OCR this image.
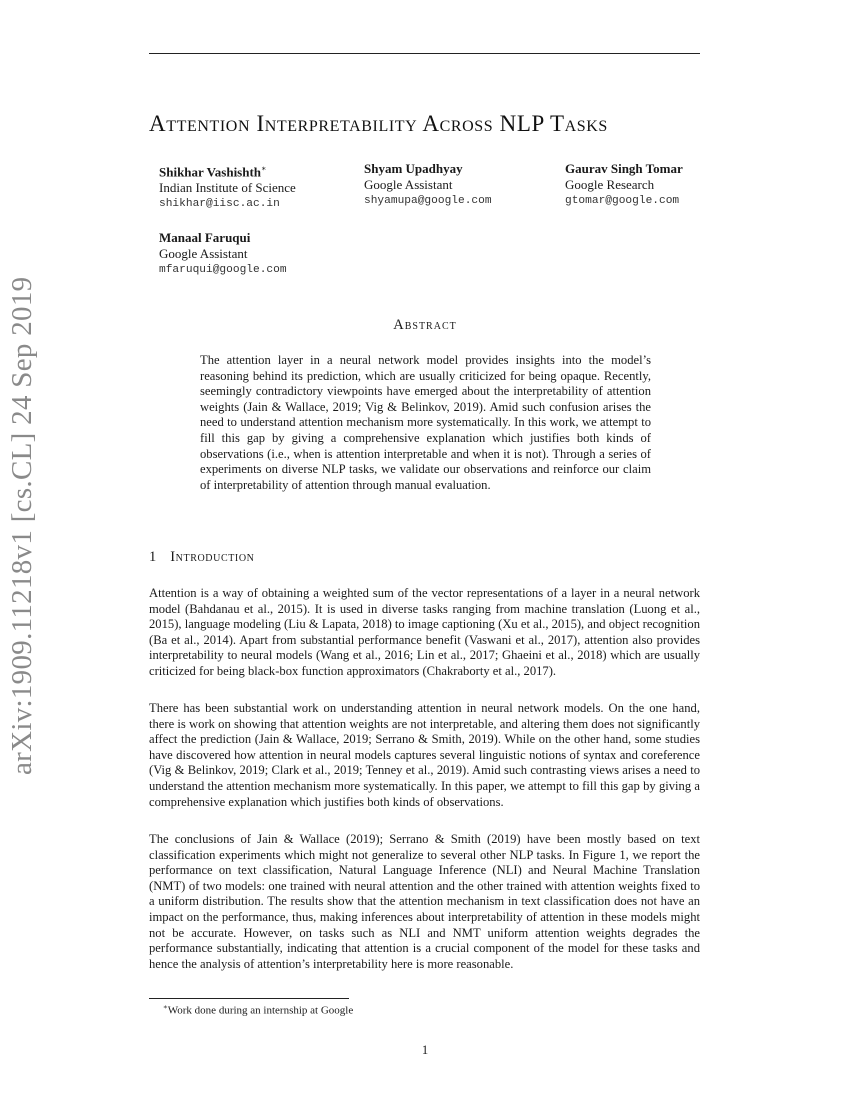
arXiv:1909.11218v1 [cs.CL] 24 Sep 2019
Attention Interpretability Across NLP Tasks
Shikhar Vashishth∗
Indian Institute of Science
shikhar@iisc.ac.in
Shyam Upadhyay
Google Assistant
shyamupa@google.com
Gaurav Singh Tomar
Google Research
gtomar@google.com
Manaal Faruqui
Google Assistant
mfaruqui@google.com
Abstract
The attention layer in a neural network model provides insights into the model’s reasoning behind its prediction, which are usually criticized for being opaque. Recently, seemingly contradictory viewpoints have emerged about the interpretability of attention weights (Jain & Wallace, 2019; Vig & Belinkov, 2019). Amid such confusion arises the need to understand attention mechanism more systematically. In this work, we attempt to fill this gap by giving a comprehensive explanation which justifies both kinds of observations (i.e., when is attention interpretable and when it is not). Through a series of experiments on diverse NLP tasks, we validate our observations and reinforce our claim of interpretability of attention through manual evaluation.
1 Introduction
Attention is a way of obtaining a weighted sum of the vector representations of a layer in a neural network model (Bahdanau et al., 2015). It is used in diverse tasks ranging from machine translation (Luong et al., 2015), language modeling (Liu & Lapata, 2018) to image captioning (Xu et al., 2015), and object recognition (Ba et al., 2014). Apart from substantial performance benefit (Vaswani et al., 2017), attention also provides interpretability to neural models (Wang et al., 2016; Lin et al., 2017; Ghaeini et al., 2018) which are usually criticized for being black-box function approximators (Chakraborty et al., 2017).
There has been substantial work on understanding attention in neural network models. On the one hand, there is work on showing that attention weights are not interpretable, and altering them does not significantly affect the prediction (Jain & Wallace, 2019; Serrano & Smith, 2019). While on the other hand, some studies have discovered how attention in neural models captures several linguistic notions of syntax and coreference (Vig & Belinkov, 2019; Clark et al., 2019; Tenney et al., 2019). Amid such contrasting views arises a need to understand the attention mechanism more systematically. In this paper, we attempt to fill this gap by giving a comprehensive explanation which justifies both kinds of observations.
The conclusions of Jain & Wallace (2019); Serrano & Smith (2019) have been mostly based on text classification experiments which might not generalize to several other NLP tasks. In Figure 1, we report the performance on text classification, Natural Language Inference (NLI) and Neural Machine Translation (NMT) of two models: one trained with neural attention and the other trained with attention weights fixed to a uniform distribution. The results show that the attention mechanism in text classification does not have an impact on the performance, thus, making inferences about interpretability of attention in these models might not be accurate. However, on tasks such as NLI and NMT uniform attention weights degrades the performance substantially, indicating that attention is a crucial component of the model for these tasks and hence the analysis of attention’s interpretability here is more reasonable.
∗Work done during an internship at Google
1
